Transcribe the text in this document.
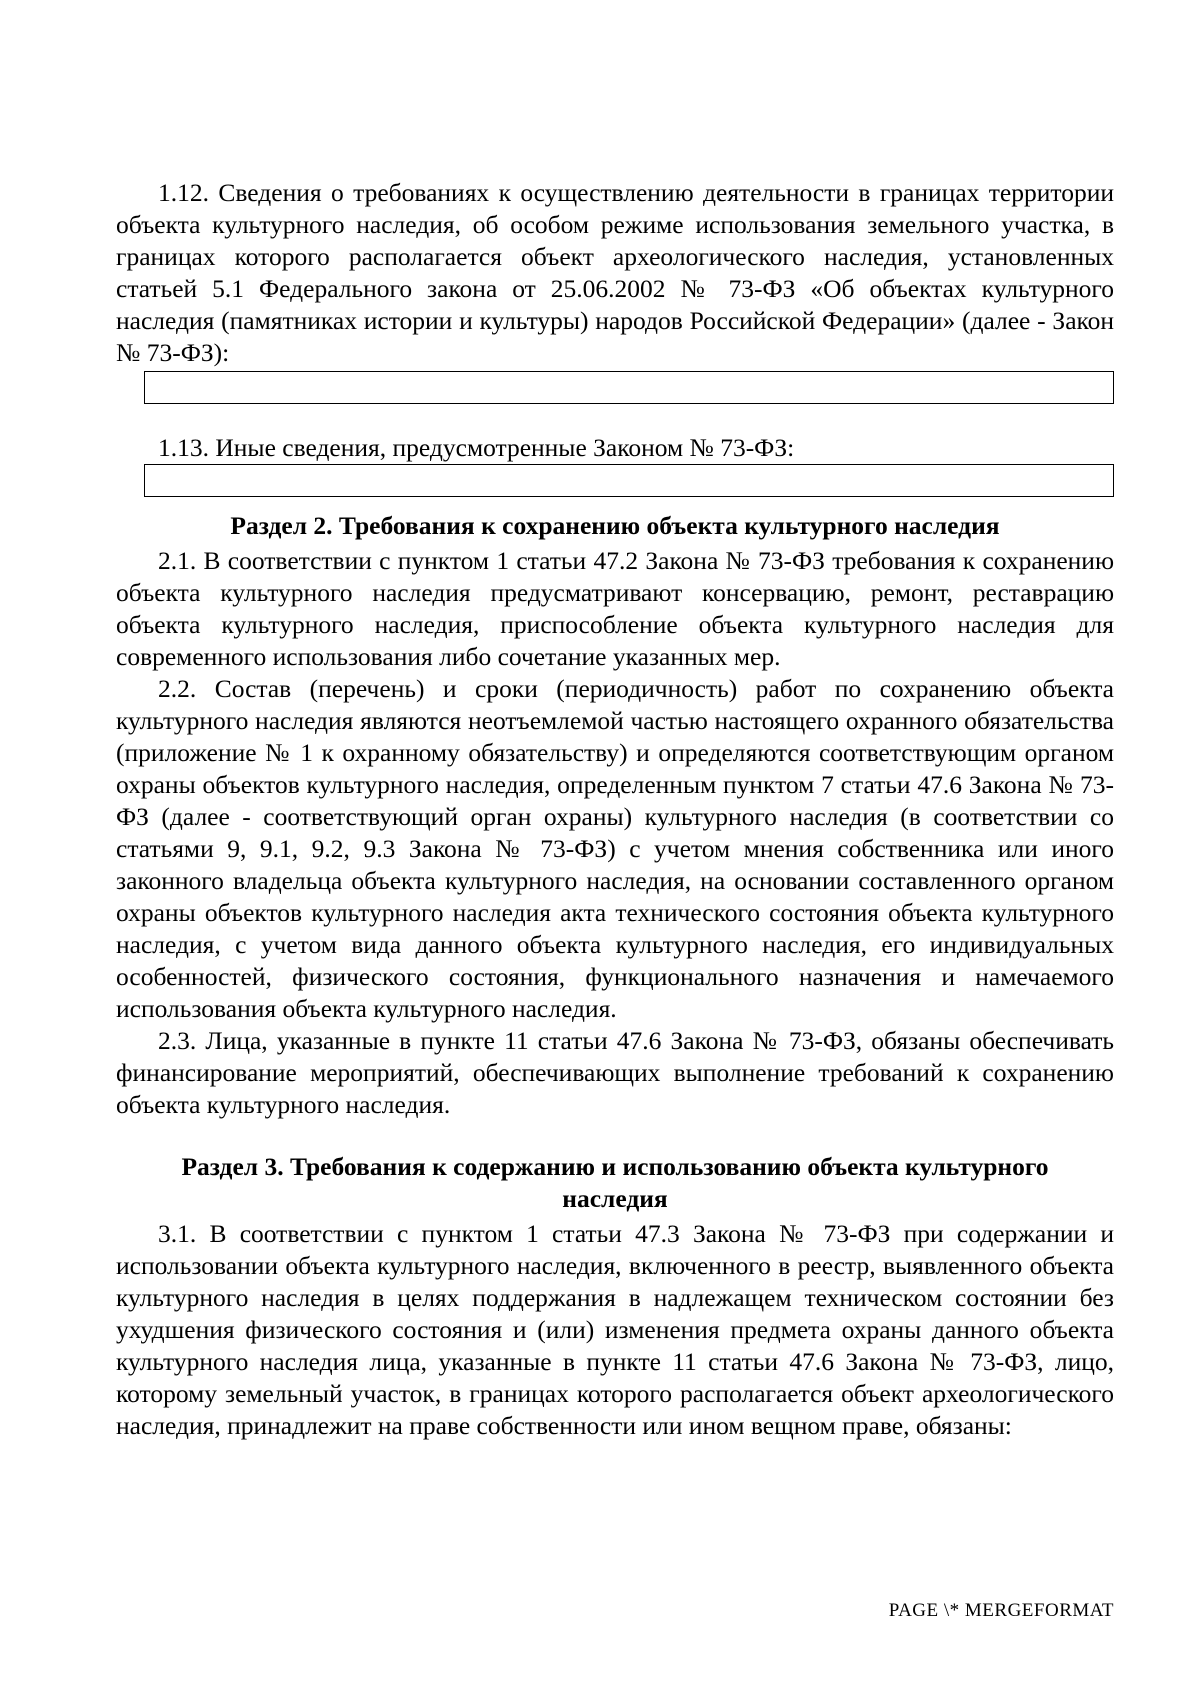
1.12. Сведения о требованиях к осуществлению деятельности в границах территории объекта культурного наследия, об особом режиме использования земельного участка, в границах которого располагается объект археологического наследия, установленных статьей 5.1 Федерального закона от 25.06.2002 № 73-ФЗ «Об объектах культурного наследия (памятниках истории и культуры) народов Российской Федерации» (далее - Закон № 73-ФЗ):

1.13. Иные сведения, предусмотренные Законом № 73-ФЗ:

Раздел 2. Требования к сохранению объекта культурного наследия

2.1. В соответствии с пунктом 1 статьи 47.2 Закона № 73-ФЗ требования к сохранению объекта культурного наследия предусматривают консервацию, ремонт, реставрацию объекта культурного наследия, приспособление объекта культурного наследия для современного использования либо сочетание указанных мер.

2.2. Состав (перечень) и сроки (периодичность) работ по сохранению объекта культурного наследия являются неотъемлемой частью настоящего охранного обязательства (приложение № 1 к охранному обязательству) и определяются соответствующим органом охраны объектов культурного наследия, определенным пунктом 7 статьи 47.6 Закона № 73-ФЗ (далее - соответствующий орган охраны) культурного наследия (в соответствии со статьями 9, 9.1, 9.2, 9.3 Закона № 73-ФЗ) с учетом мнения собственника или иного законного владельца объекта культурного наследия, на основании составленного органом охраны объектов культурного наследия акта технического состояния объекта культурного наследия, с учетом вида данного объекта культурного наследия, его индивидуальных особенностей, физического состояния, функционального назначения и намечаемого использования объекта культурного наследия.

2.3. Лица, указанные в пункте 11 статьи 47.6 Закона № 73-ФЗ, обязаны обеспечивать финансирование мероприятий, обеспечивающих выполнение требований к сохранению объекта культурного наследия.

Раздел 3. Требования к содержанию и использованию объекта культурного
наследия

3.1. В соответствии с пунктом 1 статьи 47.3 Закона № 73-ФЗ при содержании и использовании объекта культурного наследия, включенного в реестр, выявленного объекта культурного наследия в целях поддержания в надлежащем техническом состоянии без ухудшения физического состояния и (или) изменения предмета охраны данного объекта культурного наследия лица, указанные в пункте 11 статьи 47.6 Закона № 73-ФЗ, лицо, которому земельный участок, в границах которого располагается объект археологического наследия, принадлежит на праве собственности или ином вещном праве, обязаны:

PAGE \* MERGEFORMAT
